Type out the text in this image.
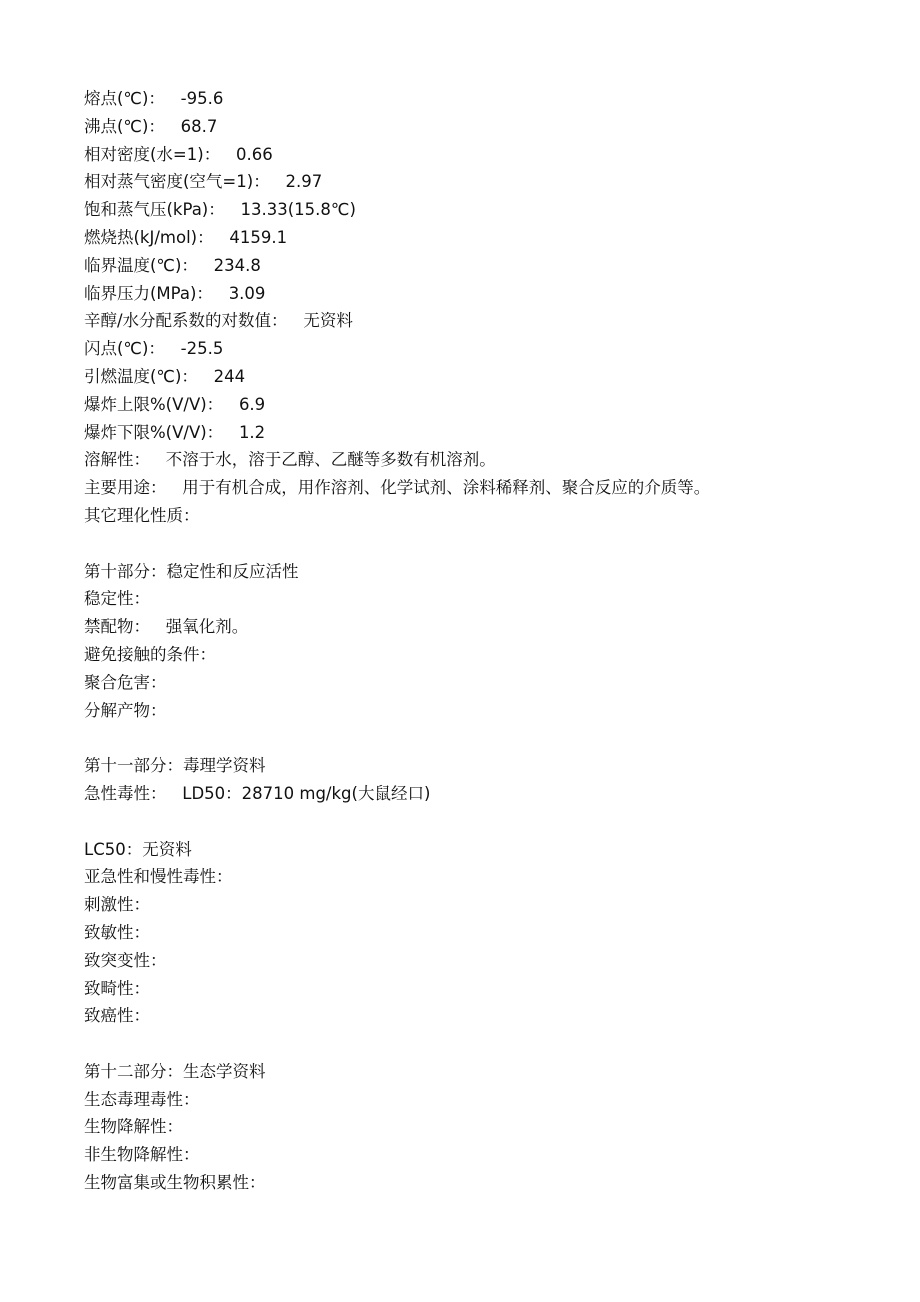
熔点(℃)： -95.6
沸点(℃)： 68.7
相对密度(水=1)： 0.66
相对蒸气密度(空气=1)： 2.97
饱和蒸气压(kPa)： 13.33(15.8℃)
燃烧热(kJ/mol)： 4159.1
临界温度(℃)： 234.8
临界压力(MPa)： 3.09
辛醇/水分配系数的对数值： 无资料
闪点(℃)： -25.5
引燃温度(℃)： 244
爆炸上限%(V/V)： 6.9
爆炸下限%(V/V)： 1.2
溶解性： 不溶于水，溶于乙醇、乙醚等多数有机溶剂。
主要用途： 用于有机合成，用作溶剂、化学试剂、涂料稀释剂、聚合反应的介质等。
其它理化性质：
第十部分：稳定性和反应活性
稳定性：
禁配物： 强氧化剂。
避免接触的条件：
聚合危害：
分解产物：
第十一部分：毒理学资料
急性毒性： LD50：28710 mg/kg(大鼠经口)
LC50：无资料
亚急性和慢性毒性：
刺激性：
致敏性：
致突变性：
致畸性：
致癌性：
第十二部分：生态学资料
生态毒理毒性：
生物降解性：
非生物降解性：
生物富集或生物积累性：
